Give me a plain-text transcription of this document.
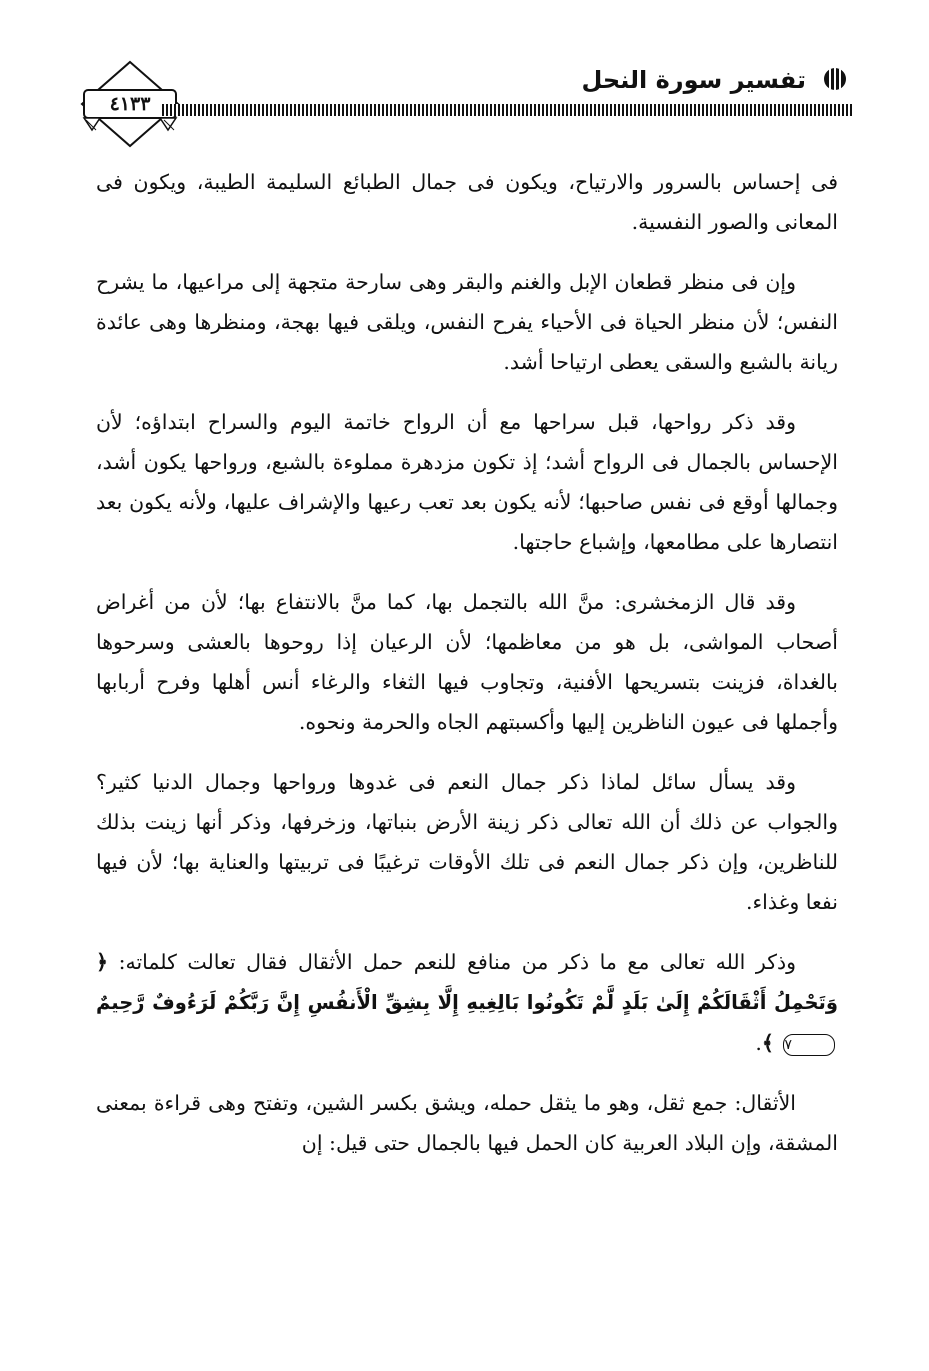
٤١٣٣
تفسير سورة النحل

فى إحساس بالسرور والارتياح، ويكون فى جمال الطبائع السليمة الطيبة، ويكون فى المعانى والصور النفسية.

وإن فى منظر قطعان الإبل والغنم والبقر وهى سارحة متجهة إلى مراعيها، ما يشرح النفس؛ لأن منظر الحياة فى الأحياء يفرح النفس، ويلقى فيها بهجة، ومنظرها وهى عائدة ريانة بالشبع والسقى يعطى ارتياحا أشد.

وقد ذكر رواحها، قبل سراحها مع أن الرواح خاتمة اليوم والسراح ابتداؤه؛ لأن الإحساس بالجمال فى الرواح أشد؛ إذ تكون مزدهرة مملوءة بالشبع، ورواحها يكون أشد، وجمالها أوقع فى نفس صاحبها؛ لأنه يكون بعد تعب رعيها والإشراف عليها، ولأنه يكون بعد انتصارها على مطامعها، وإشباع حاجتها.

وقد قال الزمخشرى: منَّ الله بالتجمل بها، كما منَّ بالانتفاع بها؛ لأن من أغراض أصحاب المواشى، بل هو من معاظمها؛ لأن الرعيان إذا روحوها بالعشى وسرحوها بالغداة، فزينت بتسريحها الأفنية، وتجاوب فيها الثغاء والرغاء أنس أهلها وفرح أربابها وأجملها فى عيون الناظرين إليها وأكسبتهم الجاه والحرمة ونحوه.

وقد يسأل سائل لماذا ذكر جمال النعم فى غدوها ورواحها وجمال الدنيا كثير؟ والجواب عن ذلك أن الله تعالى ذكر زينة الأرض بنباتها، وزخرفها، وذكر أنها زينت بذلك للناظرين، وإن ذكر جمال النعم فى تلك الأوقات ترغيبًا فى تربيتها والعناية بها؛ لأن فيها نفعا وغذاء.

وذكر الله تعالى مع ما ذكر من منافع للنعم حمل الأثقال فقال تعالت كلماته: ﴿ وَتَحْمِلُ أَثْقَالَكُمْ إِلَىٰ بَلَدٍ لَّمْ تَكُونُوا بَالِغِيهِ إِلَّا بِشِقِّ الْأَنفُسِ إِنَّ رَبَّكُمْ لَرَءُوفٌ رَّحِيمٌ ٧ ﴾.

الأثقال: جمع ثقل، وهو ما يثقل حمله، ويشق بكسر الشين، وتفتح وهى قراءة بمعنى المشقة، وإن البلاد العربية كان الحمل فيها بالجمال حتى قيل: إن
